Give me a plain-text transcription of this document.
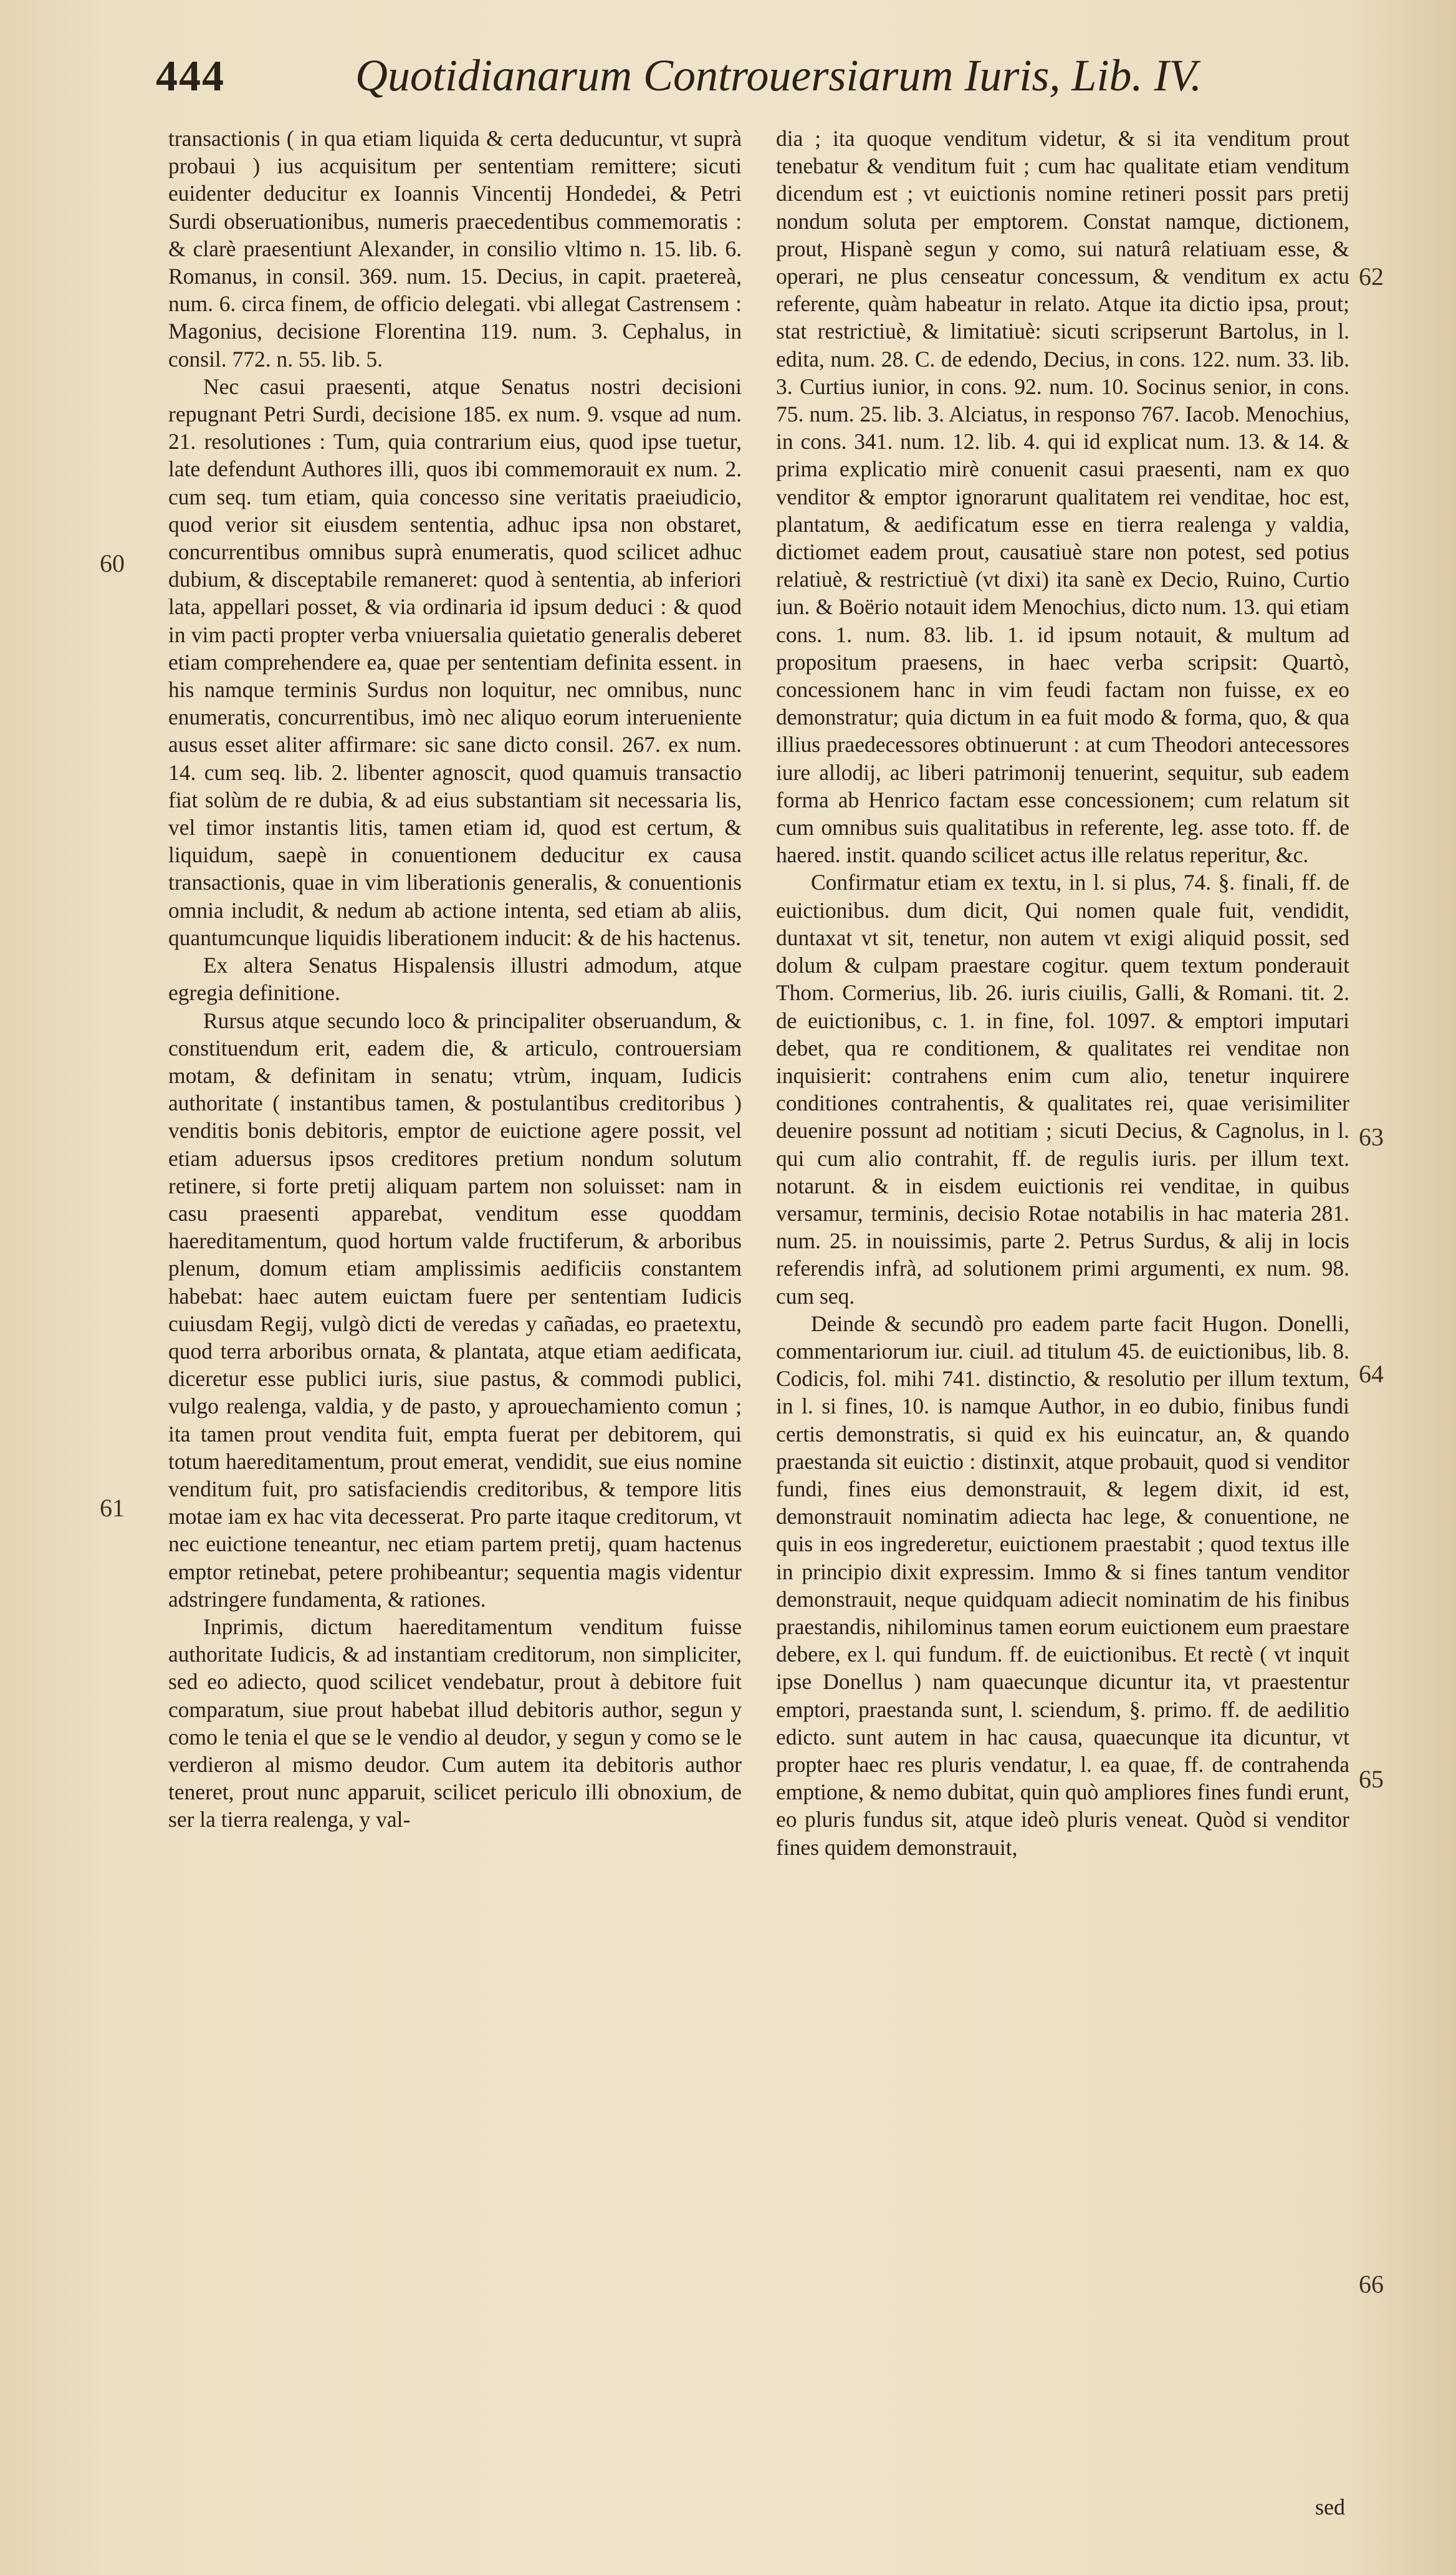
444	Quotidianarum Controuersiarum Iuris, Lib. IV.

transactionis ( in qua etiam liquida & certa deducuntur, vt suprà probaui ) ius acquisitum per sententiam remittere; sicuti euidenter deducitur ex Ioannis Vincentij Hondedei, & Petri Surdi obseruationibus, numeris praecedentibus commemoratis : & clarè praesentiunt Alexander, in consilio vltimo n. 15. lib. 6. Romanus, in consil. 369. num. 15. Decius, in capit. praetereà, num. 6. circa finem, de officio delegati. vbi allegat Castrensem : Magonius, decisione Florentina 119. num. 3. Cephalus, in consil. 772. n. 55. lib. 5.

Nec casui praesenti, atque Senatus nostri decisioni repugnant Petri Surdi, decisione 185. ex num. 9. vsque ad num. 21. resolutiones : Tum, quia contrarium eius, quod ipse tuetur, late defendunt Authores illi, quos ibi commemorauit ex num. 2. cum seq. tum etiam, quia concesso sine veritatis praeiudicio, quod verior sit eiusdem sententia, adhuc ipsa non obstaret, concurrentibus omnibus suprà enumeratis, quod scilicet adhuc dubium, & disceptabile remaneret: quod à sententia, ab inferiori lata, appellari posset, & via ordinaria id ipsum deduci : & quod in vim pacti propter verba vniuersalia quietatio generalis deberet etiam comprehendere ea, quae per sententiam definita essent. in his namque terminis Surdus non loquitur, nec omnibus, nunc enumeratis, concurrentibus, imò nec aliquo eorum interueniente ausus esset aliter affirmare: sic sane dicto consil. 267. ex num. 14. cum seq. lib. 2. libenter agnoscit, quod quamuis transactio fiat solùm de re dubia, & ad eius substantiam sit necessaria lis, vel timor instantis litis, tamen etiam id, quod est certum, & liquidum, saepè in conuentionem deducitur ex causa transactionis, quae in vim liberationis generalis, & conuentionis omnia includit, & nedum ab actione intenta, sed etiam ab aliis, quantumcunque liquidis liberationem inducit: & de his hactenus.

Ex altera Senatus Hispalensis illustri admodum, atque egregia definitione.

Rursus atque secundo loco & principaliter obseruandum, & constituendum erit, eadem die, & articulo, controuersiam motam, & definitam in senatu; vtrùm, inquam, Iudicis authoritate ( instantibus tamen, & postulantibus creditoribus ) venditis bonis debitoris, emptor de euictione agere possit, vel etiam aduersus ipsos creditores pretium nondum solutum retinere, si forte pretij aliquam partem non soluisset: nam in casu praesenti apparebat, venditum esse quoddam haereditamentum, quod hortum valde fructiferum, & arboribus plenum, domum etiam amplissimis aedificiis constantem habebat: haec autem euictam fuere per sententiam Iudicis cuiusdam Regij, vulgò dicti de veredas y cañadas, eo praetextu, quod terra arboribus ornata, & plantata, atque etiam aedificata, diceretur esse publici iuris, siue pastus, & commodi publici, vulgo realenga, valdia, y de pasto, y aprouechamiento comun ; ita tamen prout vendita fuit, empta fuerat per debitorem, qui totum haereditamentum, prout emerat, vendidit, sue eius nomine venditum fuit, pro satisfaciendis creditoribus, & tempore litis motae iam ex hac vita decesserat. Pro parte itaque creditorum, vt nec euictione teneantur, nec etiam partem pretij, quam hactenus emptor retinebat, petere prohibeantur; sequentia magis videntur adstringere fundamenta, & rationes.

Inprimis, dictum haereditamentum venditum fuisse authoritate Iudicis, & ad instantiam creditorum, non simpliciter, sed eo adiecto, quod scilicet vendebatur, prout à debitore fuit comparatum, siue prout habebat illud debitoris author, segun y como le tenia el que se le vendio al deudor, y segun y como se le verdieron al mismo deudor. Cum autem ita debitoris author teneret, prout nunc apparuit, scilicet periculo illi obnoxium, de ser la tierra realenga, y val-

dia ; ita quoque venditum videtur, & si ita venditum prout tenebatur & venditum fuit ; cum hac qualitate etiam venditum dicendum est ; vt euictionis nomine retineri possit pars pretij nondum soluta per emptorem. Constat namque, dictionem, prout, Hispanè segun y como, sui naturâ relatiuam esse, & operari, ne plus censeatur concessum, & venditum ex actu referente, quàm habeatur in relato. Atque ita dictio ipsa, prout; stat restrictiuè, & limitatiuè: sicuti scripserunt Bartolus, in l. edita, num. 28. C. de edendo, Decius, in cons. 122. num. 33. lib. 3. Curtius iunior, in cons. 92. num. 10. Socinus senior, in cons. 75. num. 25. lib. 3. Alciatus, in responso 767. Iacob. Menochius, in cons. 341. num. 12. lib. 4. qui id explicat num. 13. & 14. & prima explicatio mirè conuenit casui praesenti, nam ex quo venditor & emptor ignorarunt qualitatem rei venditae, hoc est, plantatum, & aedificatum esse en tierra realenga y valdia, dictiomet eadem prout, causatiuè stare non potest, sed potius relatiuè, & restrictiuè (vt dixi) ita sanè ex Decio, Ruino, Curtio iun. & Boërio notauit idem Menochius, dicto num. 13. qui etiam cons. 1. num. 83. lib. 1. id ipsum notauit, & multum ad propositum praesens, in haec verba scripsit: Quartò, concessionem hanc in vim feudi factam non fuisse, ex eo demonstratur; quia dictum in ea fuit modo & forma, quo, & qua illius praedecessores obtinuerunt : at cum Theodori antecessores iure allodij, ac liberi patrimonij tenuerint, sequitur, sub eadem forma ab Henrico factam esse concessionem; cum relatum sit cum omnibus suis qualitatibus in referente, leg. asse toto. ff. de haered. instit. quando scilicet actus ille relatus reperitur, &c.

Confirmatur etiam ex textu, in l. si plus, 74. §. finali, ff. de euictionibus. dum dicit, Qui nomen quale fuit, vendidit, duntaxat vt sit, tenetur, non autem vt exigi aliquid possit, sed dolum & culpam praestare cogitur. quem textum ponderauit Thom. Cormerius, lib. 26. iuris ciuilis, Galli, & Romani. tit. 2. de euictionibus, c. 1. in fine, fol. 1097. & emptori imputari debet, qua re conditionem, & qualitates rei venditae non inquisierit: contrahens enim cum alio, tenetur inquirere conditiones contrahentis, & qualitates rei, quae verisimiliter deuenire possunt ad notitiam ; sicuti Decius, & Cagnolus, in l. qui cum alio contrahit, ff. de regulis iuris. per illum text. notarunt. & in eisdem euictionis rei venditae, in quibus versamur, terminis, decisio Rotae notabilis in hac materia 281. num. 25. in nouissimis, parte 2. Petrus Surdus, & alij in locis referendis infrà, ad solutionem primi argumenti, ex num. 98. cum seq.

Deinde & secundò pro eadem parte facit Hugon. Donelli, commentariorum iur. ciuil. ad titulum 45. de euictionibus, lib. 8. Codicis, fol. mihi 741. distinctio, & resolutio per illum textum, in l. si fines, 10. is namque Author, in eo dubio, finibus fundi certis demonstratis, si quid ex his euincatur, an, & quando praestanda sit euictio : distinxit, atque probauit, quod si venditor fundi, fines eius demonstrauit, & legem dixit, id est, demonstrauit nominatim adiecta hac lege, & conuentione, ne quis in eos ingrederetur, euictionem praestabit ; quod textus ille in principio dixit expressim. Immo & si fines tantum venditor demonstrauit, neque quidquam adiecit nominatim de his finibus praestandis, nihilominus tamen eorum euictionem eum praestare debere, ex l. qui fundum. ff. de euictionibus. Et rectè ( vt inquit ipse Donellus ) nam quaecunque dicuntur ita, vt praestentur emptori, praestanda sunt, l. sciendum, §. primo. ff. de aedilitio edicto. sunt autem in hac causa, quaecunque ita dicuntur, vt propter haec res pluris vendatur, l. ea quae, ff. de contrahenda emptione, & nemo dubitat, quin quò ampliores fines fundi erunt, eo pluris fundus sit, atque ideò pluris veneat. Quòd si venditor fines quidem demonstrauit,

60
61
62
63
64
65
66
sed
